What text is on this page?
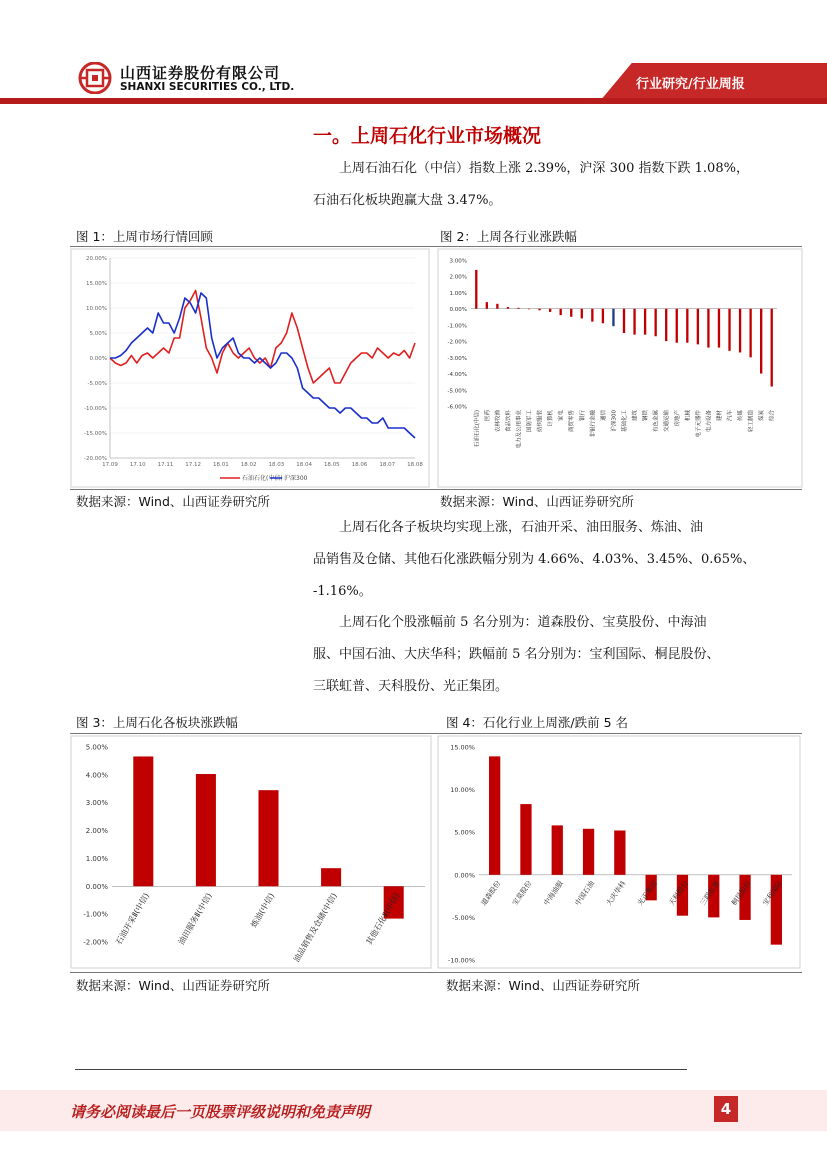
山西证券股份有限公司
SHANXI SECURITIES CO., LTD.	行业研究/行业周报
一。上周石化行业市场概况
上周石油石化（中信）指数上涨 2.39%，沪深 300 指数下跌 1.08%，
石油石化板块跑赢大盘 3.47%。
图 1：上周市场行情回顾	图 2：上周各行业涨跌幅
20.00%
15.00%
10.00%
5.00%
0.00%
-5.00%
-10.00%
-15.00%
-20.00%
17.09 17.10 17.11 17.12 18.01 18.02 18.03 18.04 18.05 18.06 18.07 18.08
石油石化(中信) 沪深300
3.00%
2.00%
1.00%
0.00%
-1.00%
-2.00%
-3.00%
-4.00%
-5.00%
-6.00%
石油石化(中信) 医药 农林牧渔 食品饮料 电力及公用事业 国防军工 纺织服装 计算机 家电 商贸零售 银行 非银行金融 通信 沪深300 基础化工 建筑 钢铁 有色金属 交通运输 房地产 机械 电子元器件 电力设备 建材 汽车 传媒 轻工制造 煤炭 综合
数据来源：Wind、山西证券研究所	数据来源：Wind、山西证券研究所
上周石化各子板块均实现上涨，石油开采、油田服务、炼油、油
品销售及仓储、其他石化涨跌幅分别为 4.66%、4.03%、3.45%、0.65%、
-1.16%。
上周石化个股涨幅前 5 名分别为：道森股份、宝莫股份、中海油
服、中国石油、大庆华科；跌幅前 5 名分别为：宝利国际、桐昆股份、
三联虹普、天科股份、光正集团。
图 3：上周石化各板块涨跌幅	图 4：石化行业上周涨/跌前 5 名
5.00%
4.00%
3.00%
2.00%
1.00%
0.00%
-1.00%
-2.00% 石油开采Ⅱ(中信)	油田服务Ⅱ(中信)	炼油(中信) 油品销售及仓储(中信)	其他石化Ⅱ(中信)
15.00%
10.00%
5.00%
0.00%
-5.00%
-10.00%
道森股份 宝莫股份 中海油服 中国石油 大庆华科 光正集团 天科股份 三联虹普 桐昆股份 宝利国际
数据来源：Wind、山西证券研究所	数据来源：Wind、山西证券研究所
请务必阅读最后一页股票评级说明和免责声明	4
